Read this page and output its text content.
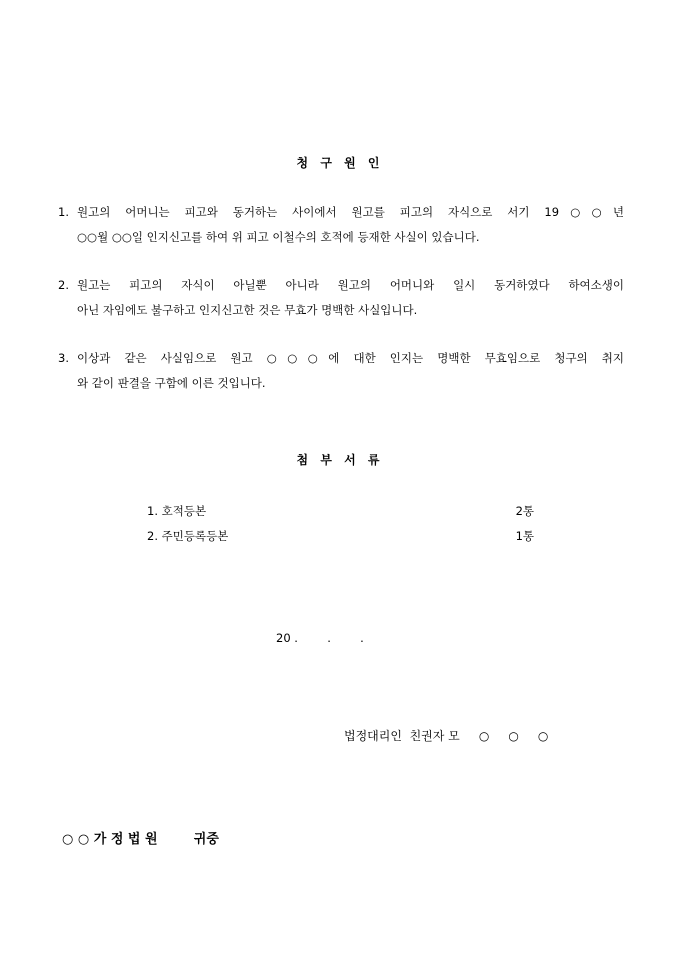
청 구 원 인
1. 원고의 어머니는 피고와 동거하는 사이에서 원고를 피고의 자식으로 서기 19○○년
○○월 ○○일 인지신고를 하여 위 피고 이철수의 호적에 등재한 사실이 있습니다.
2. 원고는 피고의 자식이 아닐뿐 아니라 원고의 어머니와 일시 동거하였다 하여소생이
아닌 자임에도 불구하고 인지신고한 것은 무효가 명백한 사실입니다.
3. 이상과 같은 사실임으로 원고 ○○○에 대한 인지는 명백한 무효임으로 청구의 취지
와 같이 판결을 구함에 이른 것입니다.
첨 부 서 류
1. 호적등본	2통
2. 주민등록등본	1통
20 .        .        .
법정대리인  친권자 모     ○     ○     ○
○ ○ 가 정 법 원        귀중
